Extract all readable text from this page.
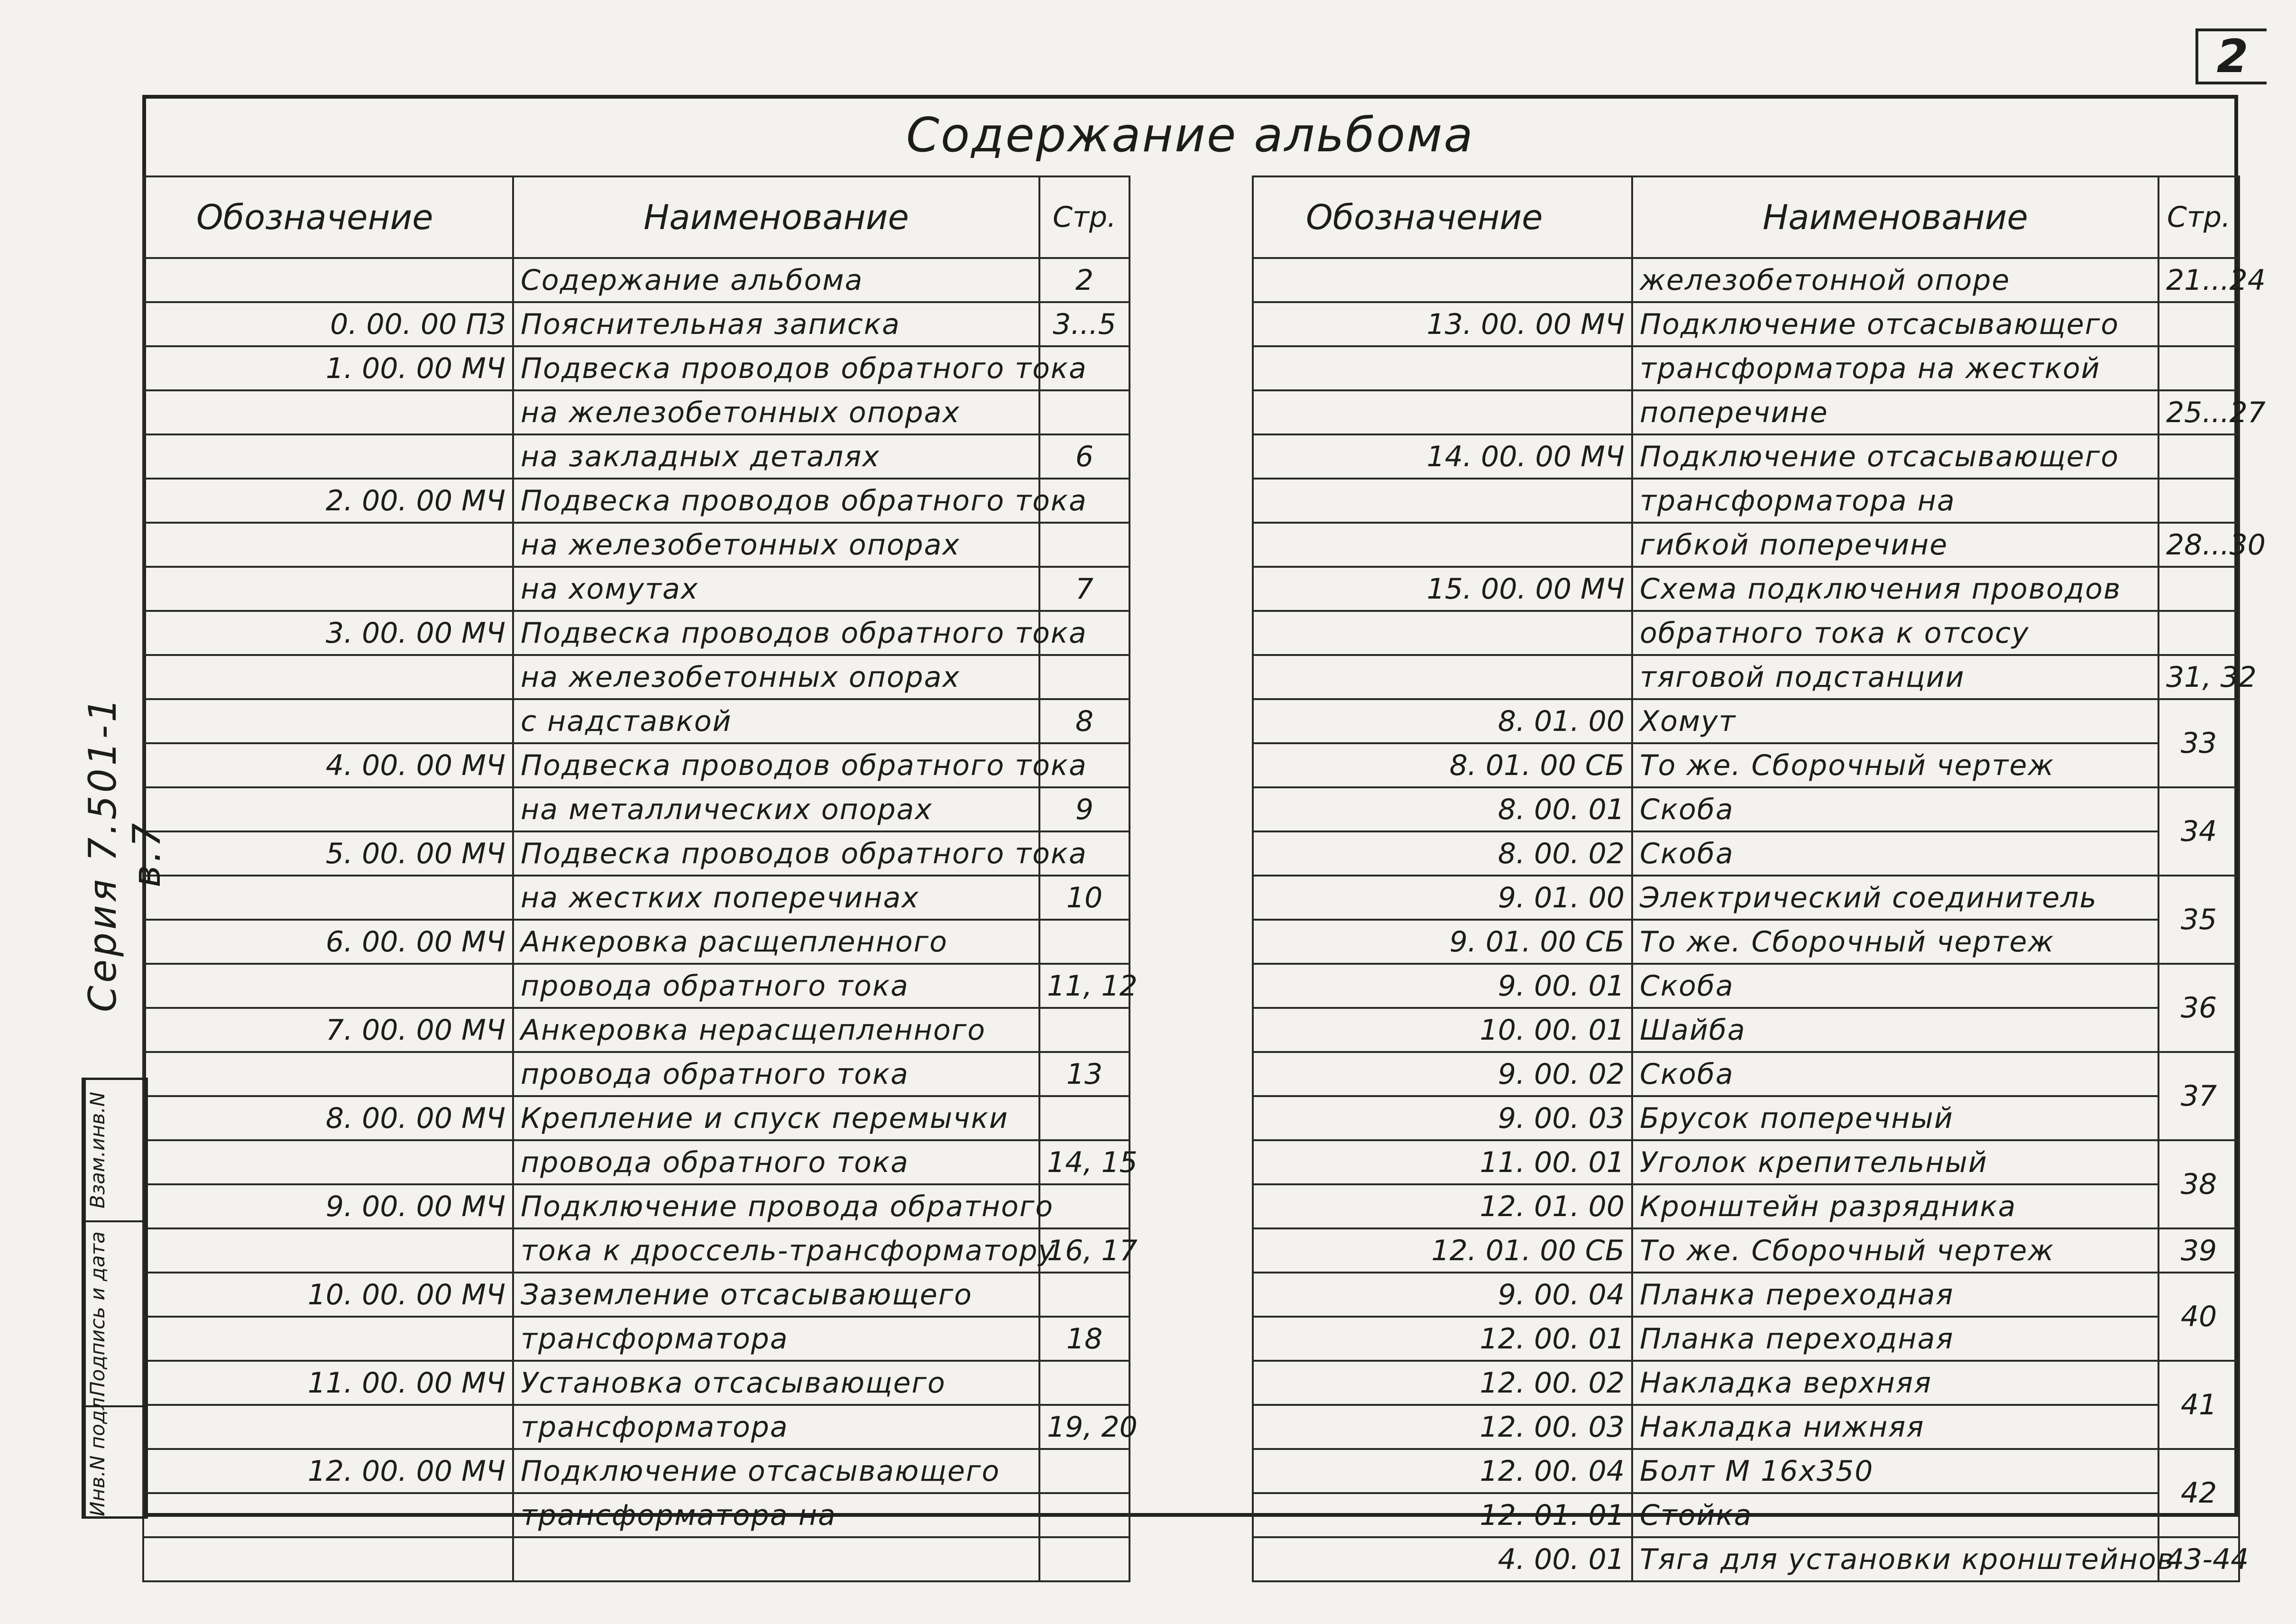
2
Содержание альбома
Обозначение	Наименование	Стр.
	Содержание альбома	2
0. 00. 00 ПЗ	Пояснительная записка	3...5
1. 00. 00 МЧ	Подвеска проводов обратного тока	
	на железобетонных опорах	
	на закладных деталях	6
2. 00. 00 МЧ	Подвеска проводов обратного тока	
	на железобетонных опорах	
	на хомутах	7
3. 00. 00 МЧ	Подвеска проводов обратного тока	
	на железобетонных опорах	
	с надставкой	8
4. 00. 00 МЧ	Подвеска проводов обратного тока	
	на металлических опорах	9
5. 00. 00 МЧ	Подвеска проводов обратного тока	
	на жестких поперечинах	10
6. 00. 00 МЧ	Анкеровка расщепленного	
	провода обратного тока	11, 12
7. 00. 00 МЧ	Анкеровка нерасщепленного	
	провода обратного тока	13
8. 00. 00 МЧ	Крепление и спуск перемычки	
	провода обратного тока	14, 15
9. 00. 00 МЧ	Подключение провода обратного	
	тока к дроссель-трансформатору	16, 17
10. 00. 00 МЧ	Заземление отсасывающего	
	трансформатора	18
11. 00. 00 МЧ	Установка отсасывающего	
	трансформатора	19, 20
12. 00. 00 МЧ	Подключение отсасывающего	
	трансформатора на	

Обозначение	Наименование	Стр.
	железобетонной опоре	21...24
13. 00. 00 МЧ	Подключение отсасывающего	
	трансформатора на жесткой	
	поперечине	25...27
14. 00. 00 МЧ	Подключение отсасывающего	
	трансформатора на	
	гибкой поперечине	28...30
15. 00. 00 МЧ	Схема подключения проводов	
	обратного тока к отсосу	
	тяговой подстанции	31, 32
8. 01. 00	Хомут	33
8. 01. 00 СБ	То же. Сборочный чертеж	
8. 00. 01	Скоба	34
8. 00. 02	Скоба	
9. 01. 00	Электрический соединитель	35
9. 01. 00 СБ	То же. Сборочный чертеж	
9. 00. 01	Скоба	36
10. 00. 01	Шайба	
9. 00. 02	Скоба	37
9. 00. 03	Брусок поперечный	
11. 00. 01	Уголок крепительный	38
12. 01. 00	Кронштейн разрядника	
12. 01. 00 СБ	То же. Сборочный чертеж	39
9. 00. 04	Планка переходная	40
12. 00. 01	Планка переходная	
12. 00. 02	Накладка верхняя	41
12. 00. 03	Накладка нижняя	
12. 00. 04	Болт М 16х350	42
12. 01. 01	Стойка	
4. 00. 01	Тяга для установки кронштейнов	43-44
Серия 7.501-1 в.7
Взам.инв.N
Подпись и дата
Инв.N подл.
